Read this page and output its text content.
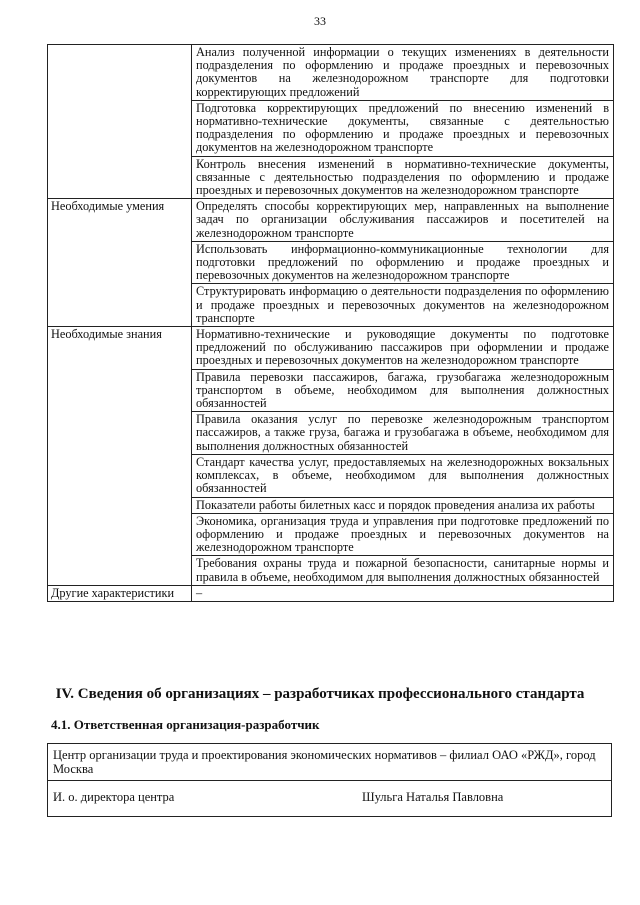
33
	Анализ полученной информации о текущих изменениях в деятельности подразделения по оформлению и продаже проездных и перевозочных документов на железнодорожном транспорте для подготовки корректирующих предложений
	Подготовка корректирующих предложений по внесению изменений в нормативно-технические документы, связанные с деятельностью подразделения по оформлению и продаже проездных и перевозочных документов на железнодорожном транспорте
	Контроль внесения изменений в нормативно-технические документы, связанные с деятельностью подразделения по оформлению и продаже проездных и перевозочных документов на железнодорожном транспорте
Необходимые умения	Определять способы корректирующих мер, направленных на выполнение задач по организации обслуживания пассажиров и посетителей на железнодорожном транспорте
	Использовать информационно-коммуникационные технологии для подготовки предложений по оформлению и продаже проездных и перевозочных документов на железнодорожном транспорте
	Структурировать информацию о деятельности подразделения по оформлению и продаже проездных и перевозочных документов на железнодорожном транспорте
Необходимые знания	Нормативно-технические и руководящие документы по подготовке предложений по обслуживанию пассажиров при оформлении и продаже проездных и перевозочных документов на железнодорожном транспорте
	Правила перевозки пассажиров, багажа, грузобагажа железнодорожным транспортом в объеме, необходимом для выполнения должностных обязанностей
	Правила оказания услуг по перевозке железнодорожным транспортом пассажиров, а также груза, багажа и грузобагажа в объеме, необходимом для выполнения должностных обязанностей
	Стандарт качества услуг, предоставляемых на железнодорожных вокзальных комплексах, в объеме, необходимом для выполнения должностных обязанностей
	Показатели работы билетных касс и порядок проведения анализа их работы
	Экономика, организация труда и управления при подготовке предложений по оформлению и продаже проездных и перевозочных документов на железнодорожном транспорте
	Требования охраны труда и пожарной безопасности, санитарные нормы и правила в объеме, необходимом для выполнения должностных обязанностей
Другие характеристики	–
IV. Сведения об организациях – разработчиках профессионального стандарта
4.1. Ответственная организация-разработчик
Центр организации труда и проектирования экономических нормативов – филиал ОАО «РЖД», город Москва
И. о. директора центра	Шульга Наталья Павловна
